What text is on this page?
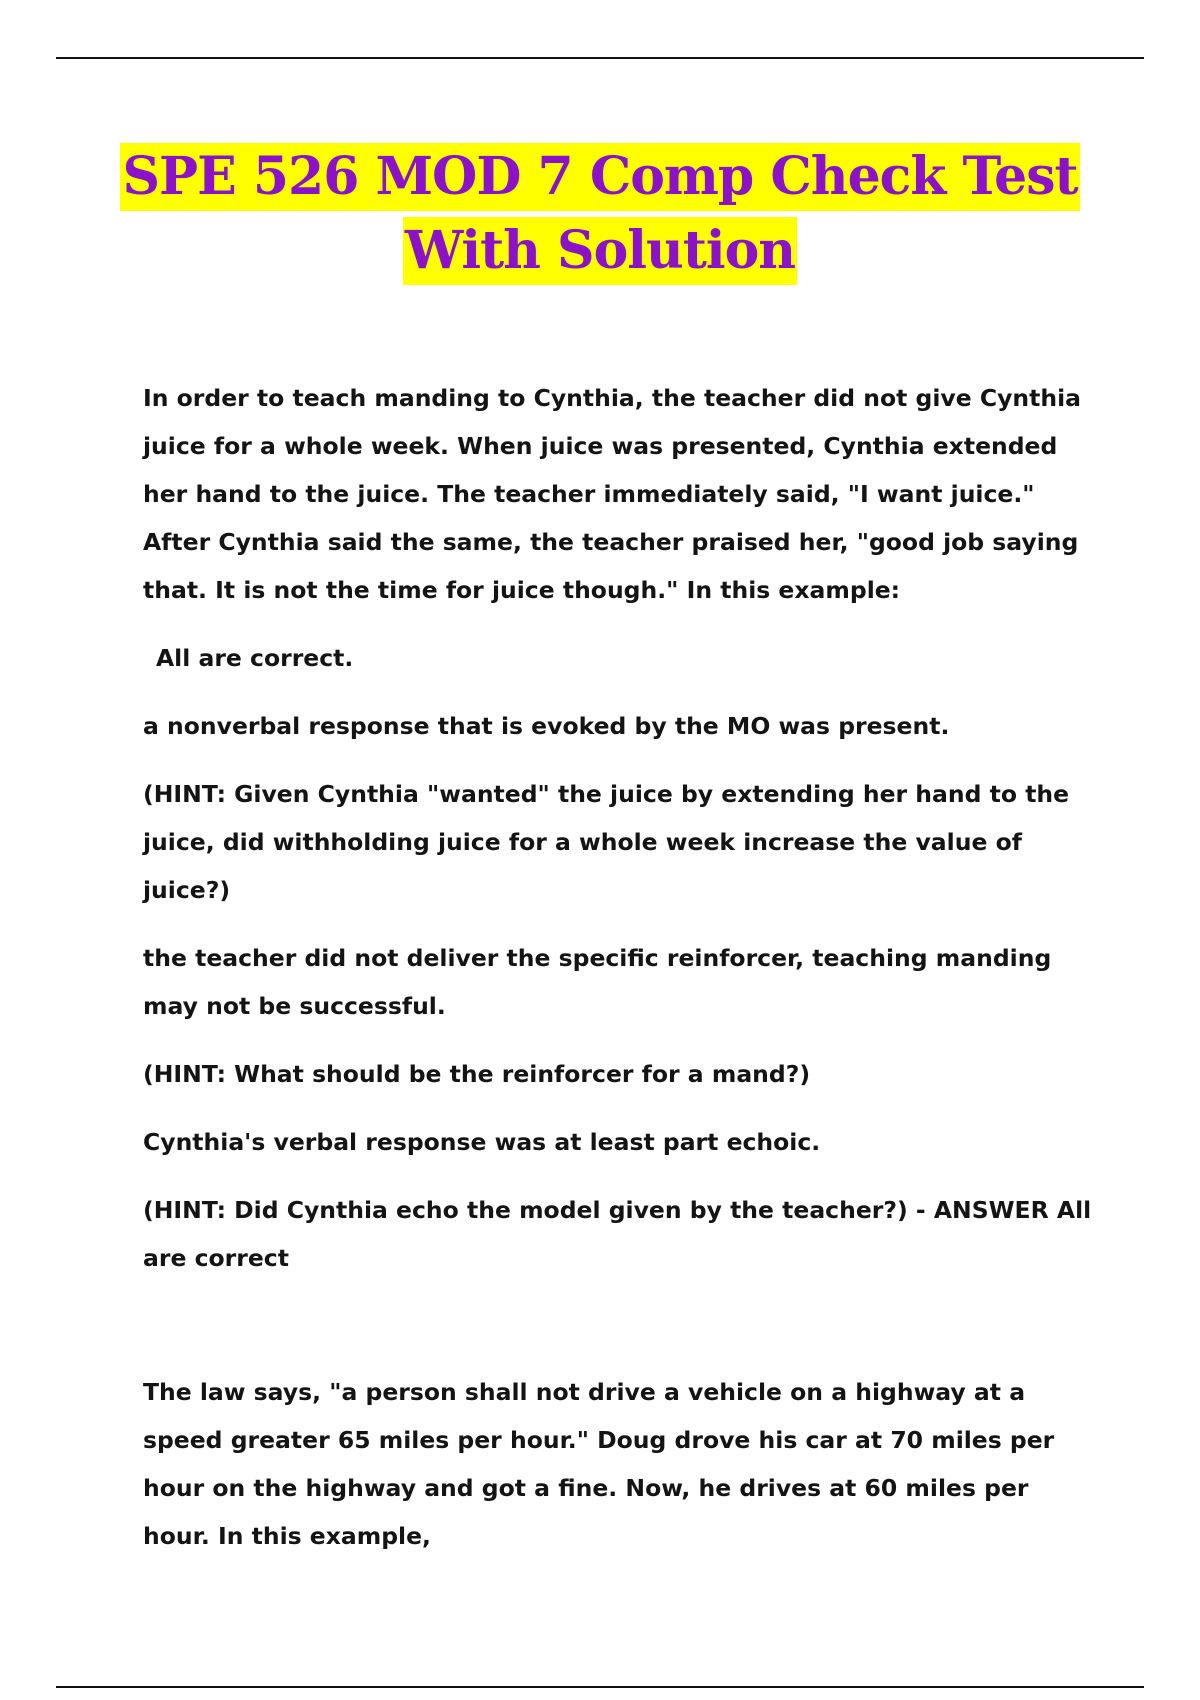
SPE 526 MOD 7 Comp Check Test
With Solution

In order to teach manding to Cynthia, the teacher did not give Cynthia juice for a whole week. When juice was presented, Cynthia extended her hand to the juice. The teacher immediately said, "I want juice." After Cynthia said the same, the teacher praised her, "good job saying that. It is not the time for juice though." In this example:

All are correct.

a nonverbal response that is evoked by the MO was present.

(HINT: Given Cynthia "wanted" the juice by extending her hand to the juice, did withholding juice for a whole week increase the value of juice?)

the teacher did not deliver the specific reinforcer, teaching manding may not be successful.

(HINT: What should be the reinforcer for a mand?)

Cynthia's verbal response was at least part echoic.

(HINT: Did Cynthia echo the model given by the teacher?) - ANSWER All are correct

The law says, "a person shall not drive a vehicle on a highway at a speed greater 65 miles per hour." Doug drove his car at 70 miles per hour on the highway and got a fine. Now, he drives at 60 miles per hour. In this example,
